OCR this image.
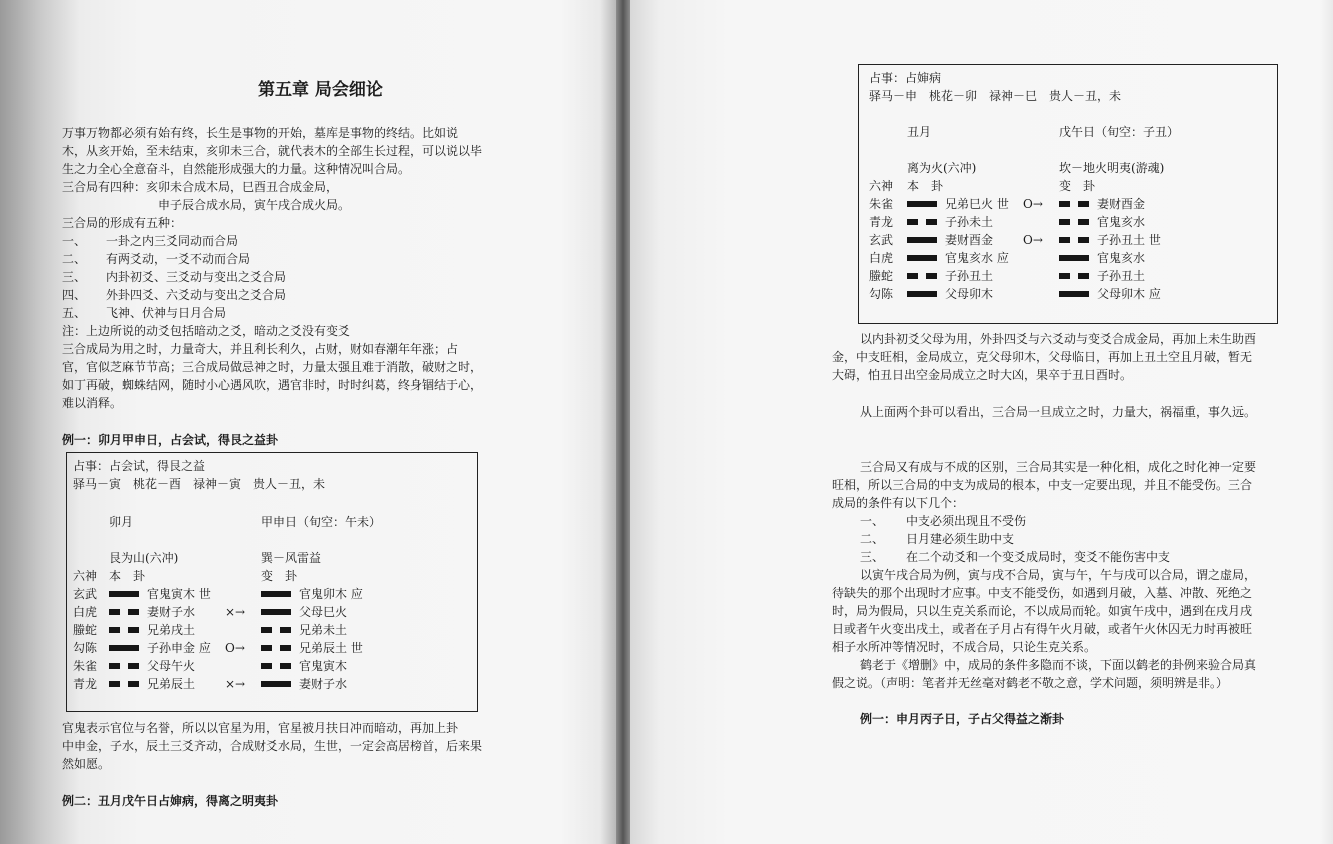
第五章 局会细论
万事万物都必须有始有终，长生是事物的开始，墓库是事物的终结。比如说
木，从亥开始，至未结束，亥卯未三合，就代表木的全部生长过程，可以说以毕
生之力全心全意奋斗，自然能形成强大的力量。这种情况叫合局。
三合局有四种：亥卯未合成木局，巳酉丑合成金局，
申子辰合成水局，寅午戌合成火局。
三合局的形成有五种：
一、 一卦之内三爻同动而合局
二、 有两爻动，一爻不动而合局
三、 内卦初爻、三爻动与变出之爻合局
四、 外卦四爻、六爻动与变出之爻合局
五、 飞神、伏神与日月合局
注：上边所说的动爻包括暗动之爻，暗动之爻没有变爻
三合成局为用之时，力量奇大，并且利长利久，占财，财如春潮年年涨；占
官，官似芝麻节节高；三合成局做忌神之时，力量太强且难于消散，破财之时，
如丁再破，蜘蛛结网，随时小心遇风吹，遇官非时，时时纠葛，终身锢结于心，
难以消释。
例一：卯月甲申日，占会试，得艮之益卦
占事：占会试，得艮之益
驿马－寅　桃花－酉　禄神－寅　贵人－丑，未
卯月	甲申日（旬空：午未）
艮为山(六冲)	巽－风雷益
六神 本　卦	变　卦
玄武	官鬼寅木 世	官鬼卯木 应
白虎	妻财子水 ×→	父母巳火
螣蛇	兄弟戌土	兄弟未土
勾陈	子孙申金 应 O→	兄弟辰土 世
朱雀	父母午火	官鬼寅木
青龙	兄弟辰土 ×→	妻财子水
官鬼表示官位与名誉，所以以官星为用，官星被月扶日冲而暗动，再加上卦
中申金，子水，辰土三爻齐动，合成财爻水局，生世，一定会高居榜首，后来果
然如愿。
例二：丑月戊午日占婶病，得离之明夷卦
占事：占婶病
驿马－申　桃花－卯　禄神－巳　贵人－丑，未
丑月	戊午日（旬空：子丑）
离为火(六冲)	坎－地火明夷(游魂)
六神 本　卦	变　卦
朱雀	兄弟巳火 世 O→	妻财酉金
青龙	子孙未土	官鬼亥水
玄武	妻财酉金 O→	子孙丑土 世
白虎	官鬼亥水 应	官鬼亥水
螣蛇	子孙丑土	子孙丑土
勾陈	父母卯木	父母卯木 应
以内卦初爻父母为用，外卦四爻与六爻动与变爻合成金局，再加上未生助酉
金，中支旺相，金局成立，克父母卯木，父母临日，再加上丑土空且月破，暂无
大碍，怕丑日出空金局成立之时大凶，果卒于丑日酉时。
从上面两个卦可以看出，三合局一旦成立之时，力量大，祸福重，事久远。
三合局又有成与不成的区别，三合局其实是一种化相，成化之时化神一定要
旺相，所以三合局的中支为成局的根本，中支一定要出现，并且不能受伤。三合
成局的条件有以下几个：
一、 中支必须出现且不受伤
二、 日月建必须生助中支
三、 在二个动爻和一个变爻成局时，变爻不能伤害中支
以寅午戌合局为例，寅与戌不合局，寅与午，午与戌可以合局，谓之虚局，
待缺失的那个出现时才应事。中支不能受伤，如遇到月破，入墓、冲散、死绝之
时，局为假局，只以生克关系而论，不以成局而轮。如寅午戌中，遇到在戌月戌
日或者午火变出戌土，或者在子月占有得午火月破，或者午火休囚无力时再被旺
相子水所冲等情况时，不成合局，只论生克关系。
鹤老于《增删》中，成局的条件多隐而不谈，下面以鹤老的卦例来验合局真
假之说。（声明：笔者并无丝毫对鹤老不敬之意，学术问题，须明辨是非。）
例一：申月丙子日，子占父得益之渐卦
